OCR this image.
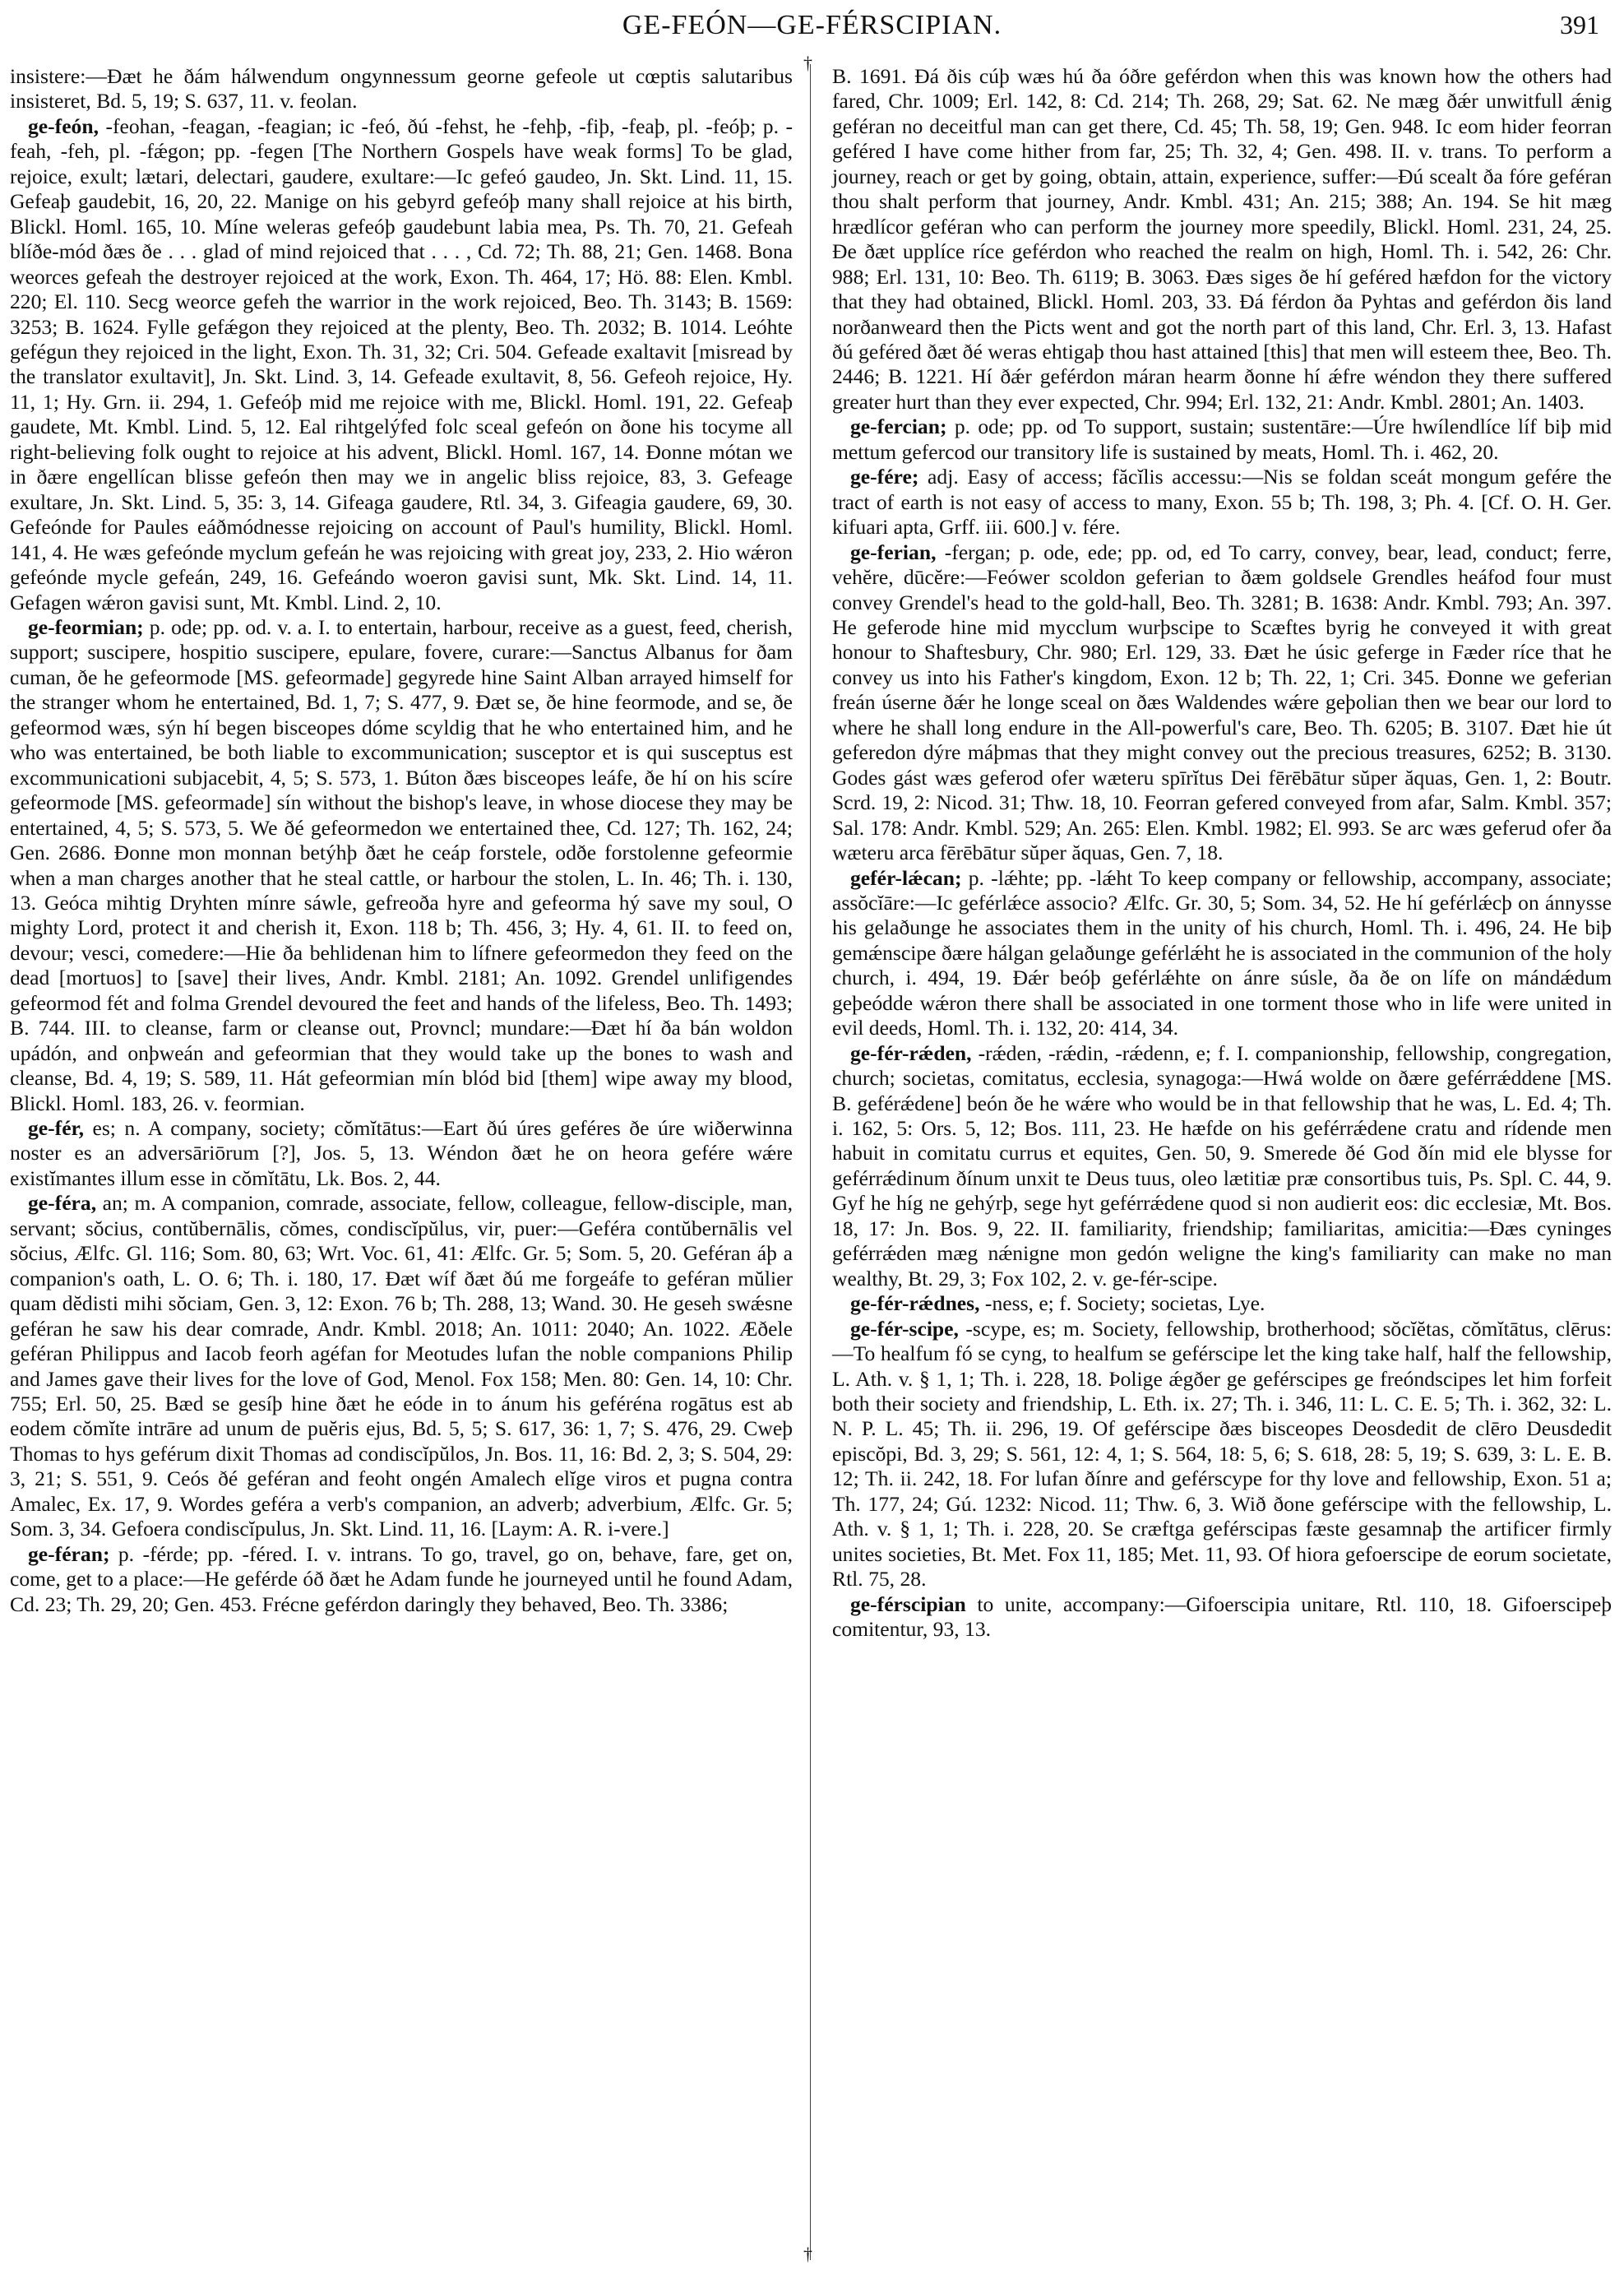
GE-FEÓN—GE-FÉRSCIPIAN.	391
†
†

insistere:—Ðæt he ðám hálwendum ongynnessum georne gefeole ut cœptis salutaribus insisteret, Bd. 5, 19; S. 637, 11. v. feolan.

ge-feón, -feohan, -feagan, -feagian; ic -feó, ðú -fehst, he -fehþ, -fiþ, -feaþ, pl. -feóþ; p. -feah, -feh, pl. -fǽgon; pp. -fegen [The Northern Gospels have weak forms] To be glad, rejoice, exult; lætari, delectari, gaudere, exultare:—Ic gefeó gaudeo, Jn. Skt. Lind. 11, 15. Gefeaþ gaudebit, 16, 20, 22. Manige on his gebyrd gefeóþ many shall rejoice at his birth, Blickl. Homl. 165, 10. Míne weleras gefeóþ gaudebunt labia mea, Ps. Th. 70, 21. Gefeah blíðe-mód ðæs ðe . . . glad of mind rejoiced that . . . , Cd. 72; Th. 88, 21; Gen. 1468. Bona weorces gefeah the destroyer rejoiced at the work, Exon. Th. 464, 17; Hö. 88: Elen. Kmbl. 220; El. 110. Secg weorce gefeh the warrior in the work rejoiced, Beo. Th. 3143; B. 1569: 3253; B. 1624. Fylle gefǽgon they rejoiced at the plenty, Beo. Th. 2032; B. 1014. Leóhte gefégun they rejoiced in the light, Exon. Th. 31, 32; Cri. 504. Gefeade exaltavit [misread by the translator exultavit], Jn. Skt. Lind. 3, 14. Gefeade exultavit, 8, 56. Gefeoh rejoice, Hy. 11, 1; Hy. Grn. ii. 294, 1. Gefeóþ mid me rejoice with me, Blickl. Homl. 191, 22. Gefeaþ gaudete, Mt. Kmbl. Lind. 5, 12. Eal rihtgelýfed folc sceal gefeón on ðone his tocyme all right-believing folk ought to rejoice at his advent, Blickl. Homl. 167, 14. Ðonne mótan we in ðære engellícan blisse gefeón then may we in angelic bliss rejoice, 83, 3. Gefeage exultare, Jn. Skt. Lind. 5, 35: 3, 14. Gifeaga gaudere, Rtl. 34, 3. Gifeagia gaudere, 69, 30. Gefeónde for Paules eáðmódnesse rejoicing on account of Paul's humility, Blickl. Homl. 141, 4. He wæs gefeónde myclum gefeán he was rejoicing with great joy, 233, 2. Hio wǽron gefeónde mycle gefeán, 249, 16. Gefeándo woeron gavisi sunt, Mk. Skt. Lind. 14, 11. Gefagen wǽron gavisi sunt, Mt. Kmbl. Lind. 2, 10.

ge-feormian; p. ode; pp. od. v. a. I. to entertain, harbour, receive as a guest, feed, cherish, support; suscipere, hospitio suscipere, epulare, fovere, curare:—Sanctus Albanus for ðam cuman, ðe he gefeormode [MS. gefeormade] gegyrede hine Saint Alban arrayed himself for the stranger whom he entertained, Bd. 1, 7; S. 477, 9. Ðæt se, ðe hine feormode, and se, ðe gefeormod wæs, sýn hí begen bisceopes dóme scyldig that he who entertained him, and he who was entertained, be both liable to excommunication; susceptor et is qui susceptus est excommunicationi subjacebit, 4, 5; S. 573, 1. Búton ðæs bisceopes leáfe, ðe hí on his scíre gefeormode [MS. gefeormade] sín without the bishop's leave, in whose diocese they may be entertained, 4, 5; S. 573, 5. We ðé gefeormedon we entertained thee, Cd. 127; Th. 162, 24; Gen. 2686. Ðonne mon monnan betýhþ ðæt he ceáp forstele, odðe forstolenne gefeormie when a man charges another that he steal cattle, or harbour the stolen, L. In. 46; Th. i. 130, 13. Geóca mihtig Dryhten mínre sáwle, gefreoða hyre and gefeorma hý save my soul, O mighty Lord, protect it and cherish it, Exon. 118 b; Th. 456, 3; Hy. 4, 61. II. to feed on, devour; vesci, comedere:—Hie ða behlidenan him to lífnere gefeormedon they feed on the dead [mortuos] to [save] their lives, Andr. Kmbl. 2181; An. 1092. Grendel unlifigendes gefeormod fét and folma Grendel devoured the feet and hands of the lifeless, Beo. Th. 1493; B. 744. III. to cleanse, farm or cleanse out, Provncl; mundare:—Ðæt hí ða bán woldon upádón, and onþweán and gefeormian that they would take up the bones to wash and cleanse, Bd. 4, 19; S. 589, 11. Hát gefeormian mín blód bid [them] wipe away my blood, Blickl. Homl. 183, 26. v. feormian.

ge-fér, es; n. A company, society; cŏmĭtātus:—Eart ðú úres geféres ðe úre wiðerwinna noster es an adversāriōrum [?], Jos. 5, 13. Wéndon ðæt he on heora geférе wǽre existĭmantes illum esse in cŏmĭtātu, Lk. Bos. 2, 44.

ge-féra, an; m. A companion, comrade, associate, fellow, colleague, fellow-disciple, man, servant; sŏcius, contŭbernālis, cŏmes, condiscĭpŭlus, vir, puer:—Geféra contŭbernālis vel sŏcius, Ælfc. Gl. 116; Som. 80, 63; Wrt. Voc. 61, 41: Ælfc. Gr. 5; Som. 5, 20. Geféran áþ a companion's oath, L. O. 6; Th. i. 180, 17. Ðæt wíf ðæt ðú me forgeáfe to geféran mŭlier quam dĕdisti mihi sŏciam, Gen. 3, 12: Exon. 76 b; Th. 288, 13; Wand. 30. He geseh swǽsne geféran he saw his dear comrade, Andr. Kmbl. 2018; An. 1011: 2040; An. 1022. Æðele geféran Philippus and Iacob feorh agéfan for Meotudes lufan the noble companions Philip and James gave their lives for the love of God, Menol. Fox 158; Men. 80: Gen. 14, 10: Chr. 755; Erl. 50, 25. Bæd se gesíþ hine ðæt he eóde in to ánum his geféréna rogātus est ab eodem cŏmĭte intrāre ad unum de puĕris ejus, Bd. 5, 5; S. 617, 36: 1, 7; S. 476, 29. Cweþ Thomas to hys geférum dixit Thomas ad condiscĭpŭlos, Jn. Bos. 11, 16: Bd. 2, 3; S. 504, 29: 3, 21; S. 551, 9. Ceós ðé geféran and feoht ongén Amalech elĭge viros et pugna contra Amalec, Ex. 17, 9. Wordes geféra a verb's companion, an adverb; adverbium, Ælfc. Gr. 5; Som. 3, 34. Gefoera condiscĭpulus, Jn. Skt. Lind. 11, 16. [Laym: A. R. i-vere.]

ge-féran; p. -férde; pp. -féred. I. v. intrans. To go, travel, go on, behave, fare, get on, come, get to a place:—He geférde óð ðæt he Adam funde he journeyed until he found Adam, Cd. 23; Th. 29, 20; Gen. 453. Frécne geférdon daringly they behaved, Beo. Th. 3386;

B. 1691. Ðá ðis cúþ wæs hú ða óðre geférdon when this was known how the others had fared, Chr. 1009; Erl. 142, 8: Cd. 214; Th. 268, 29; Sat. 62. Ne mæg ðǽr unwitfull ǽnig geféran no deceitful man can get there, Cd. 45; Th. 58, 19; Gen. 948. Ic eom hider feorran geféred I have come hither from far, 25; Th. 32, 4; Gen. 498. II. v. trans. To perform a journey, reach or get by going, obtain, attain, experience, suffer:—Ðú scealt ða fóre geféran thou shalt perform that journey, Andr. Kmbl. 431; An. 215; 388; An. 194. Se hit mæg hrædlícor geféran who can perform the journey more speedily, Blickl. Homl. 231, 24, 25. Ðe ðæt upplíce ríce geférdon who reached the realm on high, Homl. Th. i. 542, 26: Chr. 988; Erl. 131, 10: Beo. Th. 6119; B. 3063. Ðæs siges ðe hí geféred hæfdon for the victory that they had obtained, Blickl. Homl. 203, 33. Ðá férdon ða Pyhtas and geférdon ðis land norðanweard then the Picts went and got the north part of this land, Chr. Erl. 3, 13. Hafast ðú geféred ðæt ðé weras ehtigaþ thou hast attained [this] that men will esteem thee, Beo. Th. 2446; B. 1221. Hí ðǽr geférdon máran hearm ðonne hí ǽfre wéndon they there suffered greater hurt than they ever expected, Chr. 994; Erl. 132, 21: Andr. Kmbl. 2801; An. 1403.

ge-fercian; p. ode; pp. od To support, sustain; sustentāre:—Úre hwílendlíce líf biþ mid mettum gefercod our transitory life is sustained by meats, Homl. Th. i. 462, 20.

ge-fére; adj. Easy of access; făcĭlis accessu:—Nis se foldan sceát mongum gefére the tract of earth is not easy of access to many, Exon. 55 b; Th. 198, 3; Ph. 4. [Cf. O. H. Ger. kifuari apta, Grff. iii. 600.] v. fére.

ge-ferian, -fergan; p. ode, ede; pp. od, ed To carry, convey, bear, lead, conduct; ferre, vehĕre, dūcĕre:—Feówer scoldon geferian to ðæm goldsele Grendles heáfod four must convey Grendel's head to the gold-hall, Beo. Th. 3281; B. 1638: Andr. Kmbl. 793; An. 397. He geferode hine mid mycclum wurþscipe to Scæftes byrig he conveyed it with great honour to Shaftesbury, Chr. 980; Erl. 129, 33. Ðæt he úsic geferge in Fæder ríce that he convey us into his Father's kingdom, Exon. 12 b; Th. 22, 1; Cri. 345. Ðonne we geferian freán úserne ðǽr he longe sceal on ðæs Waldendes wǽre geþolian then we bear our lord to where he shall long endure in the All-powerful's care, Beo. Th. 6205; B. 3107. Ðæt hie út geferedon dýre máþmas that they might convey out the precious treasures, 6252; B. 3130. Godes gást wæs geferod ofer wæteru spīrĭtus Dei fērēbātur sŭper ăquas, Gen. 1, 2: Boutr. Scrd. 19, 2: Nicod. 31; Thw. 18, 10. Feorran gefered conveyed from afar, Salm. Kmbl. 357; Sal. 178: Andr. Kmbl. 529; An. 265: Elen. Kmbl. 1982; El. 993. Se arc wæs geferud ofer ða wæteru arca fērēbātur sŭper ăquas, Gen. 7, 18.

gefér-lǽcan; p. -lǽhte; pp. -lǽht To keep company or fellowship, accompany, associate; assŏcĭāre:—Ic geférlǽce associo? Ælfc. Gr. 30, 5; Som. 34, 52. He hí geférlǽcþ on ánnysse his gelaðunge he associates them in the unity of his church, Homl. Th. i. 496, 24. He biþ gemǽnscipe ðære hálgan gelaðunge geférlǽht he is associated in the communion of the holy church, i. 494, 19. Ðǽr beóþ geférlǽhte on ánre súsle, ða ðe on lífe on mándǽdum geþeódde wǽron there shall be associated in one torment those who in life were united in evil deeds, Homl. Th. i. 132, 20: 414, 34.

ge-fér-rǽden, -rǽden, -rǽdin, -rǽdenn, e; f. I. companionship, fellowship, congregation, church; societas, comitatus, ecclesia, synagoga:—Hwá wolde on ðære geférrǽddene [MS. B. geférǽdene] beón ðe he wǽre who would be in that fellowship that he was, L. Ed. 4; Th. i. 162, 5: Ors. 5, 12; Bos. 111, 23. He hæfde on his geférrǽdene cratu and rídende men habuit in comitatu currus et equites, Gen. 50, 9. Smerede ðé God ðín mid ele blysse for geférrǽdinum ðínum unxit te Deus tuus, oleo lætitiæ præ consortibus tuis, Ps. Spl. C. 44, 9. Gyf he híg ne gehýrþ, sege hyt geférrǽdene quod si non audierit eos: dic ecclesiæ, Mt. Bos. 18, 17: Jn. Bos. 9, 22. II. familiarity, friendship; familiaritas, amicitia:—Ðæs cyninges geférrǽden mæg nǽnigne mon gedón weligne the king's familiarity can make no man wealthy, Bt. 29, 3; Fox 102, 2. v. ge-fér-scipe.

ge-fér-rǽdnes, -ness, e; f. Society; societas, Lye.

ge-fér-scipe, -scype, es; m. Society, fellowship, brotherhood; sŏcĭĕtas, cŏmĭtātus, clērus:—To healfum fó se cyng, to healfum se geférscipe let the king take half, half the fellowship, L. Ath. v. § 1, 1; Th. i. 228, 18. Þolige ǽgðer ge geférscipes ge freóndscipes let him forfeit both their society and friendship, L. Eth. ix. 27; Th. i. 346, 11: L. C. E. 5; Th. i. 362, 32: L. N. P. L. 45; Th. ii. 296, 19. Of geférscipe ðæs bisceopes Deosdedit de clēro Deusdedit episcŏpi, Bd. 3, 29; S. 561, 12: 4, 1; S. 564, 18: 5, 6; S. 618, 28: 5, 19; S. 639, 3: L. E. B. 12; Th. ii. 242, 18. For lufan ðínre and geférscype for thy love and fellowship, Exon. 51 a; Th. 177, 24; Gú. 1232: Nicod. 11; Thw. 6, 3. Wið ðone geférscipe with the fellowship, L. Ath. v. § 1, 1; Th. i. 228, 20. Se cræftga geférscipas fæste gesamnaþ the artificer firmly unites societies, Bt. Met. Fox 11, 185; Met. 11, 93. Of hiora gefoerscipe de eorum societate, Rtl. 75, 28.

ge-férscipian to unite, accompany:—Gifoerscipia unitare, Rtl. 110, 18. Gifoerscipeþ comitentur, 93, 13.
